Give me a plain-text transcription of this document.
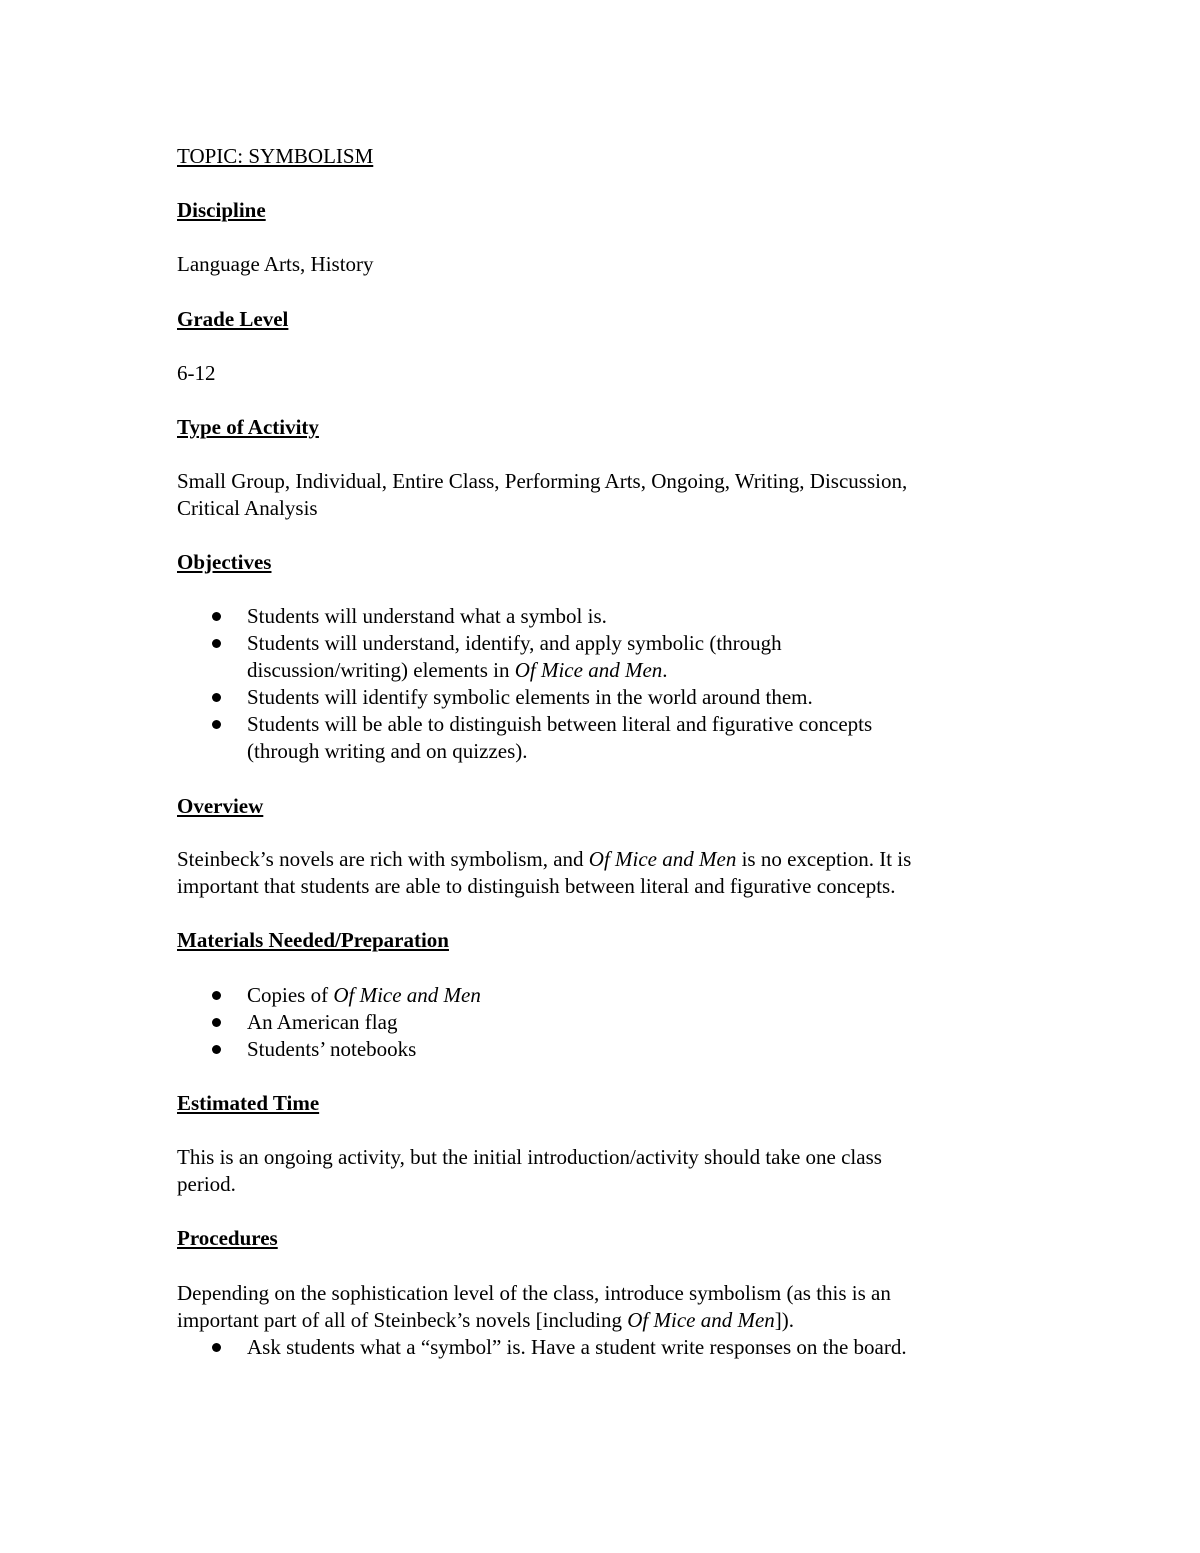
TOPIC: SYMBOLISM
Discipline
Language Arts, History
Grade Level
6-12
Type of Activity
Small Group, Individual, Entire Class, Performing Arts, Ongoing, Writing, Discussion,
Critical Analysis
Objectives
Students will understand what a symbol is.
Students will understand, identify, and apply symbolic (through
discussion/writing) elements in Of Mice and Men.
Students will identify symbolic elements in the world around them.
Students will be able to distinguish between literal and figurative concepts
(through writing and on quizzes).
Overview
Steinbeck’s novels are rich with symbolism, and Of Mice and Men is no exception. It is
important that students are able to distinguish between literal and figurative concepts.
Materials Needed/Preparation
Copies of Of Mice and Men
An American flag
Students’ notebooks
Estimated Time
This is an ongoing activity, but the initial introduction/activity should take one class
period.
Procedures
Depending on the sophistication level of the class, introduce symbolism (as this is an
important part of all of Steinbeck’s novels [including Of Mice and Men]).
Ask students what a “symbol” is. Have a student write responses on the board.
